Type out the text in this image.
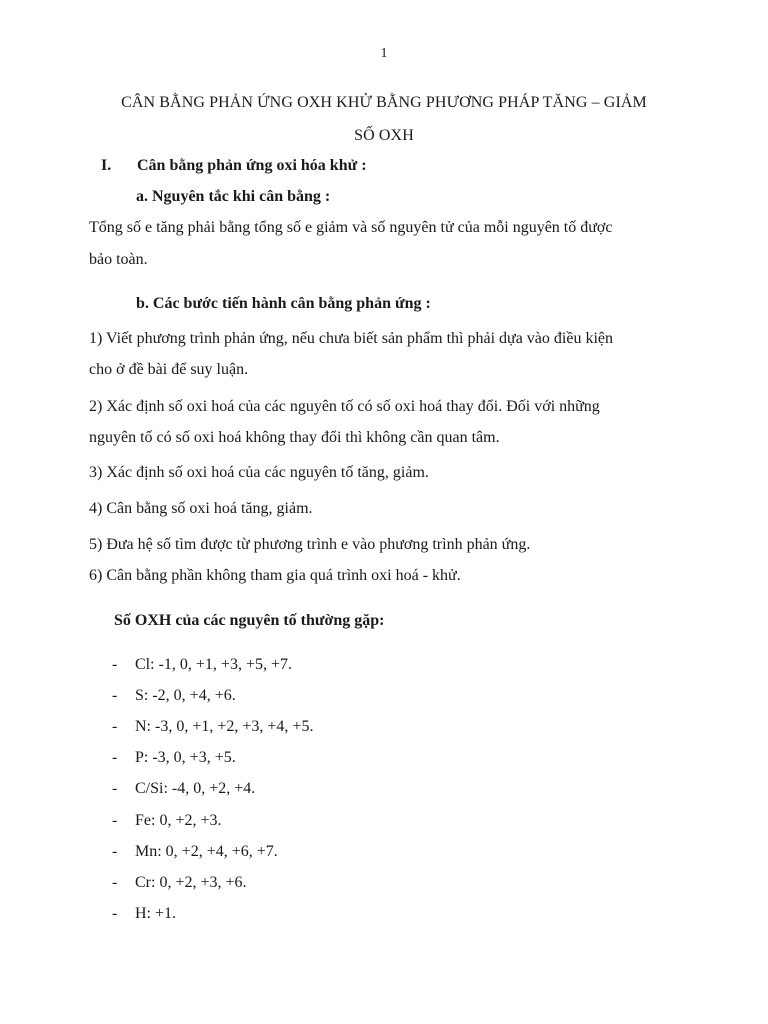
1
CÂN BẰNG PHẢN ỨNG OXH KHỬ BẰNG PHƯƠNG PHÁP TĂNG – GIẢM
SỐ OXH
I. Cân bằng phản ứng oxi hóa khử :
a. Nguyên tắc khi cân bằng :
Tổng số e tăng phải bằng tổng số e giảm và số nguyên tử của mỗi nguyên tố được
bảo toàn.
b. Các bước tiến hành cân bằng phản ứng :
1) Viết phương trình phản ứng, nếu chưa biết sản phẩm thì phải dựa vào điều kiện
cho ở đề bài để suy luận.
2) Xác định số oxi hoá của các nguyên tố có số oxi hoá thay đổi. Đối với những
nguyên tố có số oxi hoá không thay đổi thì không cần quan tâm.
3) Xác định số oxi hoá của các nguyên tố tăng, giảm.
4) Cân bằng số oxi hoá tăng, giảm.
5) Đưa hệ số tìm được từ phương trình e vào phương trình phản ứng.
6) Cân bằng phần không tham gia quá trình oxi hoá - khử.
Số OXH của các nguyên tố thường gặp:
- Cl: -1, 0, +1, +3, +5, +7.
- S: -2, 0, +4, +6.
- N: -3, 0, +1, +2, +3, +4, +5.
- P: -3, 0, +3, +5.
- C/Si: -4, 0, +2, +4.
- Fe: 0, +2, +3.
- Mn: 0, +2, +4, +6, +7.
- Cr: 0, +2, +3, +6.
- H: +1.
